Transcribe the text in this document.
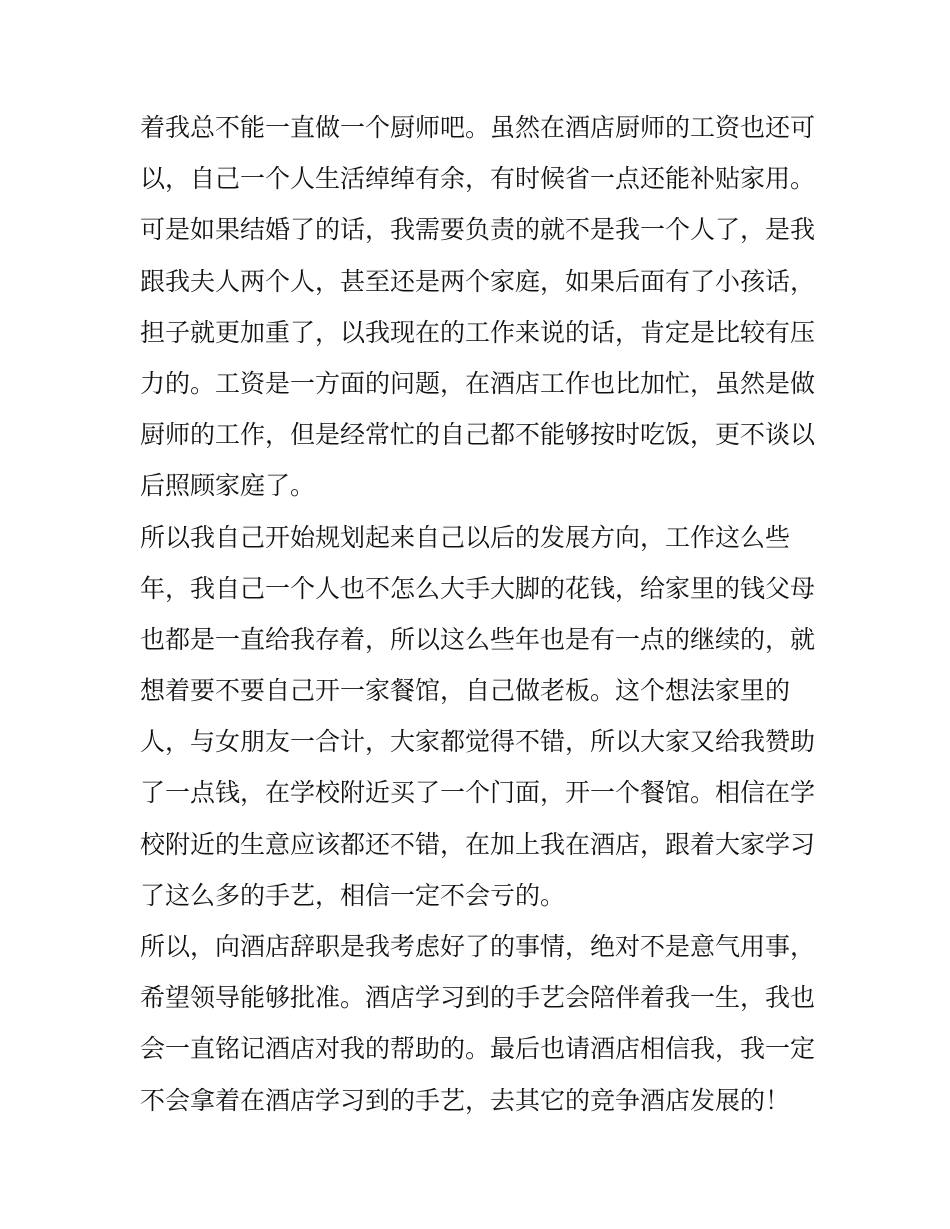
着我总不能一直做一个厨师吧。虽然在酒店厨师的工资也还可
以，自己一个人生活绰绰有余，有时候省一点还能补贴家用。
可是如果结婚了的话，我需要负责的就不是我一个人了，是我
跟我夫人两个人，甚至还是两个家庭，如果后面有了小孩话，
担子就更加重了，以我现在的工作来说的话，肯定是比较有压
力的。工资是一方面的问题，在酒店工作也比加忙，虽然是做
厨师的工作，但是经常忙的自己都不能够按时吃饭，更不谈以
后照顾家庭了。
所以我自己开始规划起来自己以后的发展方向，工作这么些
年，我自己一个人也不怎么大手大脚的花钱，给家里的钱父母
也都是一直给我存着，所以这么些年也是有一点的继续的，就
想着要不要自己开一家餐馆，自己做老板。这个想法家里的
人，与女朋友一合计，大家都觉得不错，所以大家又给我赞助
了一点钱，在学校附近买了一个门面，开一个餐馆。相信在学
校附近的生意应该都还不错，在加上我在酒店，跟着大家学习
了这么多的手艺，相信一定不会亏的。
所以，向酒店辞职是我考虑好了的事情，绝对不是意气用事，
希望领导能够批准。酒店学习到的手艺会陪伴着我一生，我也
会一直铭记酒店对我的帮助的。最后也请酒店相信我，我一定
不会拿着在酒店学习到的手艺，去其它的竞争酒店发展的！
